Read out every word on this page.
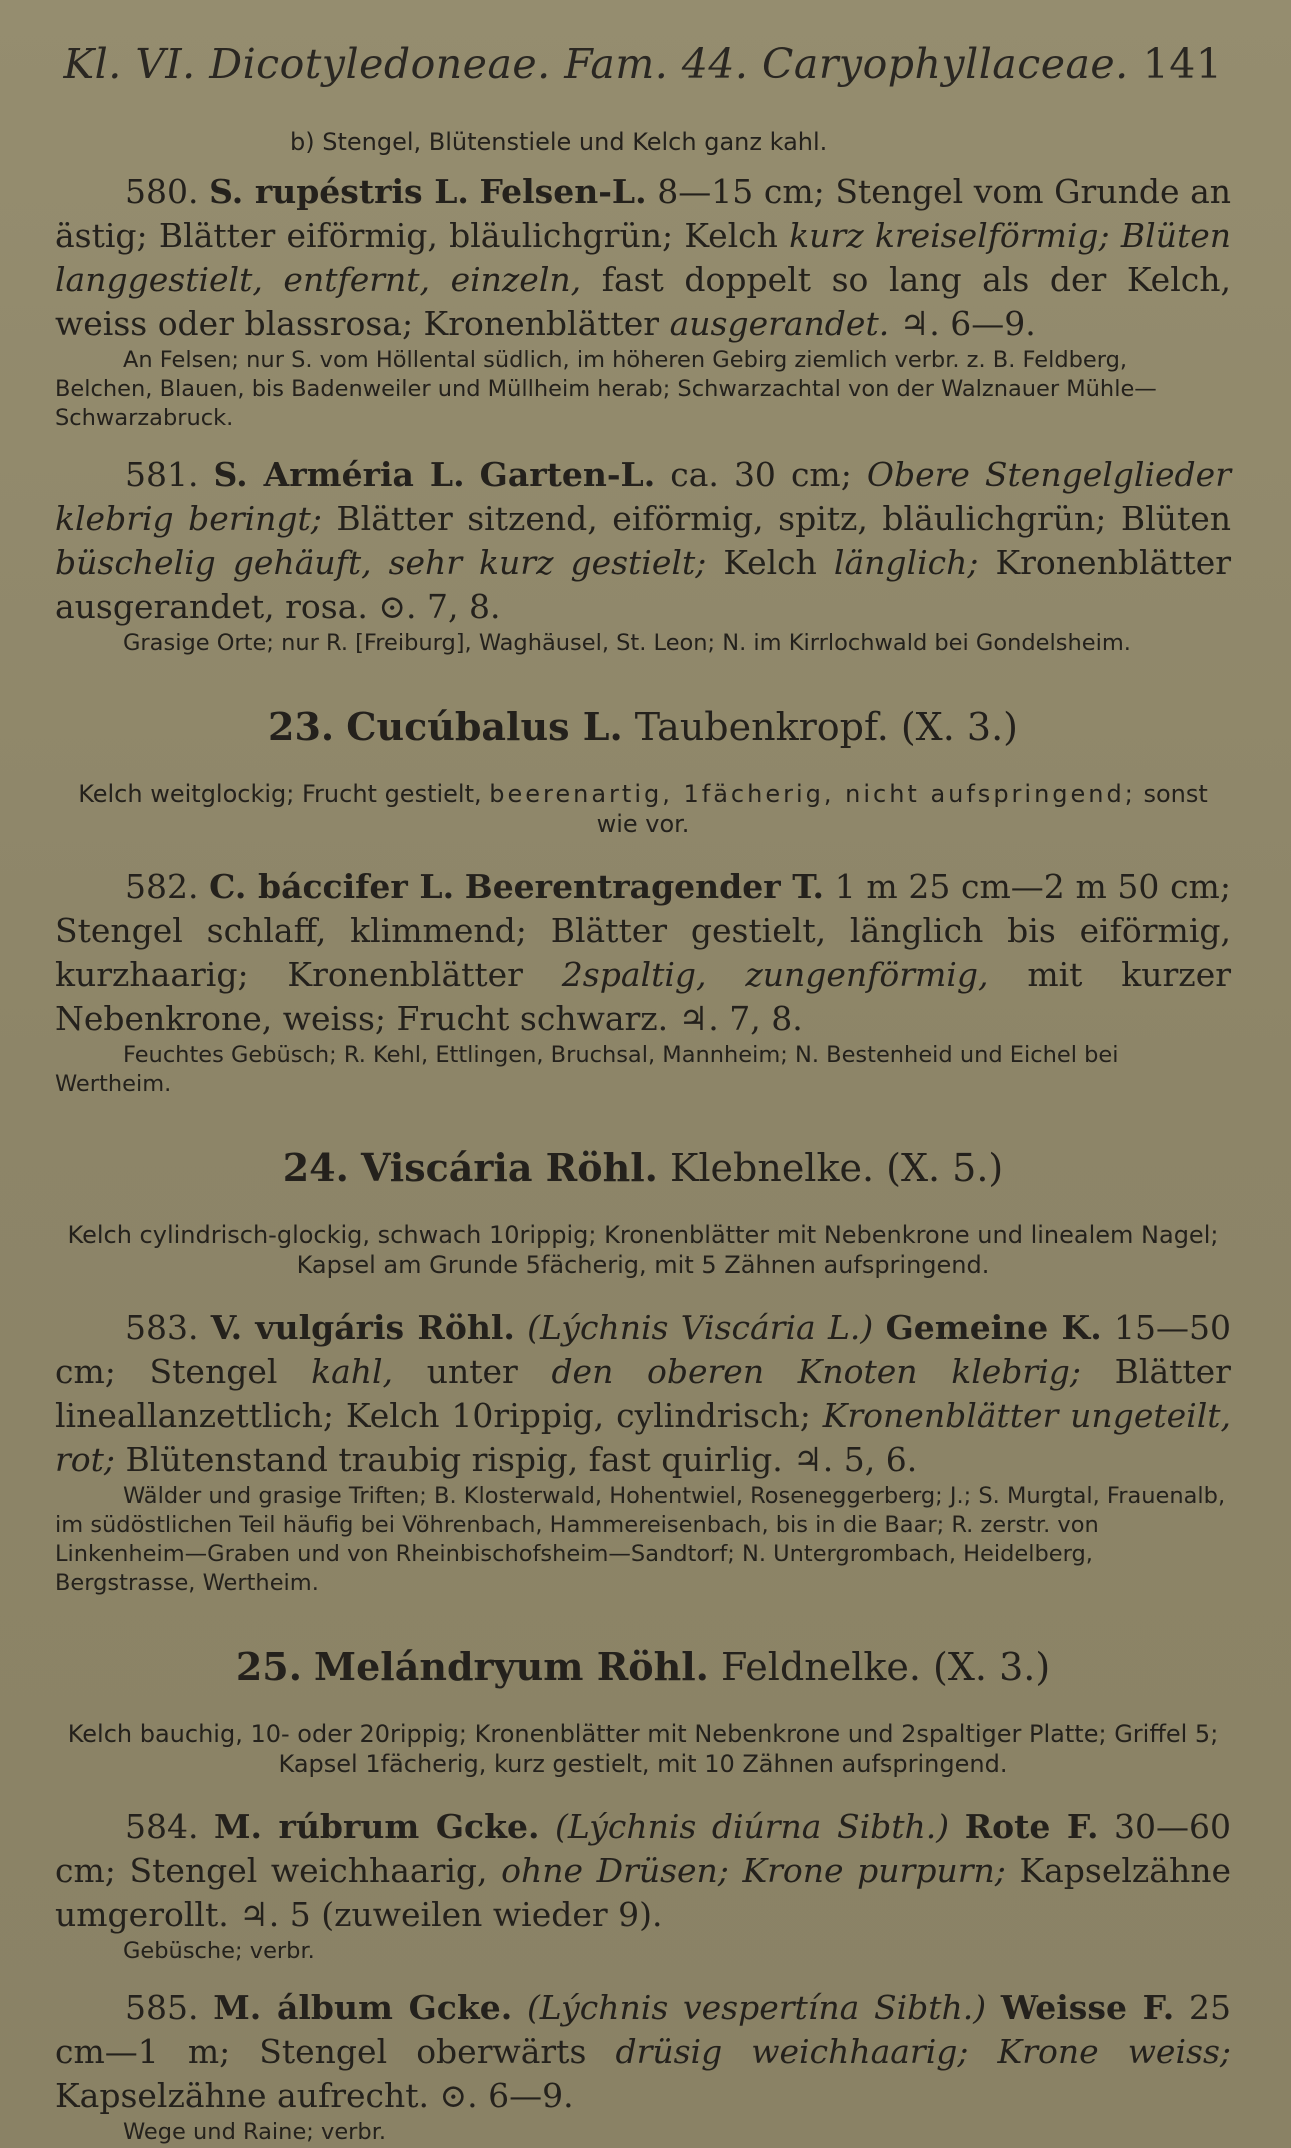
Kl. VI. Dicotyledoneae. Fam. 44. Caryophyllaceae. 141

b) Stengel, Blütenstiele und Kelch ganz kahl.

580. S. rupéstris L. Felsen-L. 8—15 cm; Stengel vom Grunde an ästig; Blätter eiförmig, bläulichgrün; Kelch kurz kreiselförmig; Blüten langgestielt, entfernt, einzeln, fast doppelt so lang als der Kelch, weiss oder blassrosa; Kronenblätter ausgerandet. ♃. 6—9.

An Felsen; nur S. vom Höllental südlich, im höheren Gebirg ziemlich verbr. z. B. Feldberg, Belchen, Blauen, bis Badenweiler und Müllheim herab; Schwarzachtal von der Walznauer Mühle—Schwarzabruck.

581. S. Arméria L. Garten-L. ca. 30 cm; Obere Stengelglieder klebrig beringt; Blätter sitzend, eiförmig, spitz, bläulichgrün; Blüten büschelig gehäuft, sehr kurz gestielt; Kelch länglich; Kronenblätter ausgerandet, rosa. ⊙. 7, 8.

Grasige Orte; nur R. [Freiburg], Waghäusel, St. Leon; N. im Kirrlochwald bei Gondelsheim.

23. Cucúbalus L. Taubenkropf. (X. 3.)

Kelch weitglockig; Frucht gestielt, beerenartig, 1fächerig, nicht aufspringend; sonst wie vor.

582. C. báccifer L. Beerentragender T. 1 m 25 cm—2 m 50 cm; Stengel schlaff, klimmend; Blätter gestielt, länglich bis eiförmig, kurzhaarig; Kronenblätter 2spaltig, zungenförmig, mit kurzer Nebenkrone, weiss; Frucht schwarz. ♃. 7, 8.

Feuchtes Gebüsch; R. Kehl, Ettlingen, Bruchsal, Mannheim; N. Bestenheid und Eichel bei Wertheim.

24. Viscária Röhl. Klebnelke. (X. 5.)

Kelch cylindrisch-glockig, schwach 10rippig; Kronenblätter mit Nebenkrone und linealem Nagel; Kapsel am Grunde 5fächerig, mit 5 Zähnen aufspringend.

583. V. vulgáris Röhl. (Lýchnis Viscária L.) Gemeine K. 15—50 cm; Stengel kahl, unter den oberen Knoten klebrig; Blätter lineallanzettlich; Kelch 10rippig, cylindrisch; Kronenblätter ungeteilt, rot; Blütenstand traubig rispig, fast quirlig. ♃. 5, 6.

Wälder und grasige Triften; B. Klosterwald, Hohentwiel, Roseneggerberg; J.; S. Murgtal, Frauenalb, im südöstlichen Teil häufig bei Vöhrenbach, Hammereisenbach, bis in die Baar; R. zerstr. von Linkenheim—Graben und von Rheinbischofsheim—Sandtorf; N. Untergrombach, Heidelberg, Bergstrasse, Wertheim.

25. Melándryum Röhl. Feldnelke. (X. 3.)

Kelch bauchig, 10- oder 20rippig; Kronenblätter mit Nebenkrone und 2spaltiger Platte; Griffel 5; Kapsel 1fächerig, kurz gestielt, mit 10 Zähnen aufspringend.

584. M. rúbrum Gcke. (Lýchnis diúrna Sibth.) Rote F. 30—60 cm; Stengel weichhaarig, ohne Drüsen; Krone purpurn; Kapselzähne umgerollt. ♃. 5 (zuweilen wieder 9).

Gebüsche; verbr.

585. M. álbum Gcke. (Lýchnis vespertína Sibth.) Weisse F. 25 cm—1 m; Stengel oberwärts drüsig weichhaarig; Krone weiss; Kapselzähne aufrecht. ⊙. 6—9.

Wege und Raine; verbr.
